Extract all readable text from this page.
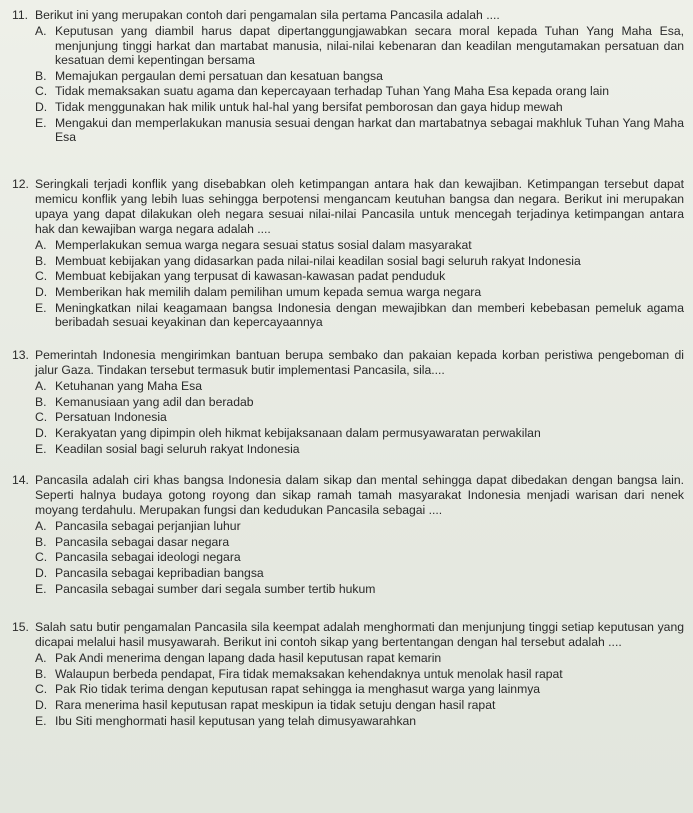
11. Berikut ini yang merupakan contoh dari pengamalan sila pertama Pancasila adalah ....
A. Keputusan yang diambil harus dapat dipertanggungjawabkan secara moral kepada Tuhan Yang Maha Esa, menjunjung tinggi harkat dan martabat manusia, nilai-nilai kebenaran dan keadilan mengutamakan persatuan dan kesatuan demi kepentingan bersama
B. Memajukan pergaulan demi persatuan dan kesatuan bangsa
C. Tidak memaksakan suatu agama dan kepercayaan terhadap Tuhan Yang Maha Esa kepada orang lain
D. Tidak menggunakan hak milik untuk hal-hal yang bersifat pemborosan dan gaya hidup mewah
E. Mengakui dan memperlakukan manusia sesuai dengan harkat dan martabatnya sebagai makhluk Tuhan Yang Maha Esa
12. Seringkali terjadi konflik yang disebabkan oleh ketimpangan antara hak dan kewajiban. Ketimpangan tersebut dapat memicu konflik yang lebih luas sehingga berpotensi mengancam keutuhan bangsa dan negara. Berikut ini merupakan upaya yang dapat dilakukan oleh negara sesuai nilai-nilai Pancasila untuk mencegah terjadinya ketimpangan antara hak dan kewajiban warga negara adalah ....
A. Memperlakukan semua warga negara sesuai status sosial dalam masyarakat
B. Membuat kebijakan yang didasarkan pada nilai-nilai keadilan sosial bagi seluruh rakyat Indonesia
C. Membuat kebijakan yang terpusat di kawasan-kawasan padat penduduk
D. Memberikan hak memilih dalam pemilihan umum kepada semua warga negara
E. Meningkatkan nilai keagamaan bangsa Indonesia dengan mewajibkan dan memberi kebebasan pemeluk agama beribadah sesuai keyakinan dan kepercayaannya
13. Pemerintah Indonesia mengirimkan bantuan berupa sembako dan pakaian kepada korban peristiwa pengeboman di jalur Gaza. Tindakan tersebut termasuk butir implementasi Pancasila, sila....
A. Ketuhanan yang Maha Esa
B. Kemanusiaan yang adil dan beradab
C. Persatuan Indonesia
D. Kerakyatan yang dipimpin oleh hikmat kebijaksanaan dalam permusyawaratan perwakilan
E. Keadilan sosial bagi seluruh rakyat Indonesia
14. Pancasila adalah ciri khas bangsa Indonesia dalam sikap dan mental sehingga dapat dibedakan dengan bangsa lain. Seperti halnya budaya gotong royong dan sikap ramah tamah masyarakat Indonesia menjadi warisan dari nenek moyang terdahulu. Merupakan fungsi dan kedudukan Pancasila sebagai ....
A. Pancasila sebagai perjanjian luhur
B. Pancasila sebagai dasar negara
C. Pancasila sebagai ideologi negara
D. Pancasila sebagai kepribadian bangsa
E. Pancasila sebagai sumber dari segala sumber tertib hukum
15. Salah satu butir pengamalan Pancasila sila keempat adalah menghormati dan menjunjung tinggi setiap keputusan yang dicapai melalui hasil musyawarah. Berikut ini contoh sikap yang bertentangan dengan hal tersebut adalah ....
A. Pak Andi menerima dengan lapang dada hasil keputusan rapat kemarin
B. Walaupun berbeda pendapat, Fira tidak memaksakan kehendaknya untuk menolak hasil rapat
C. Pak Rio tidak terima dengan keputusan rapat sehingga ia menghasut warga yang lainmya
D. Rara menerima hasil keputusan rapat meskipun ia tidak setuju dengan hasil rapat
E. Ibu Siti menghormati hasil keputusan yang telah dimusyawarahkan
